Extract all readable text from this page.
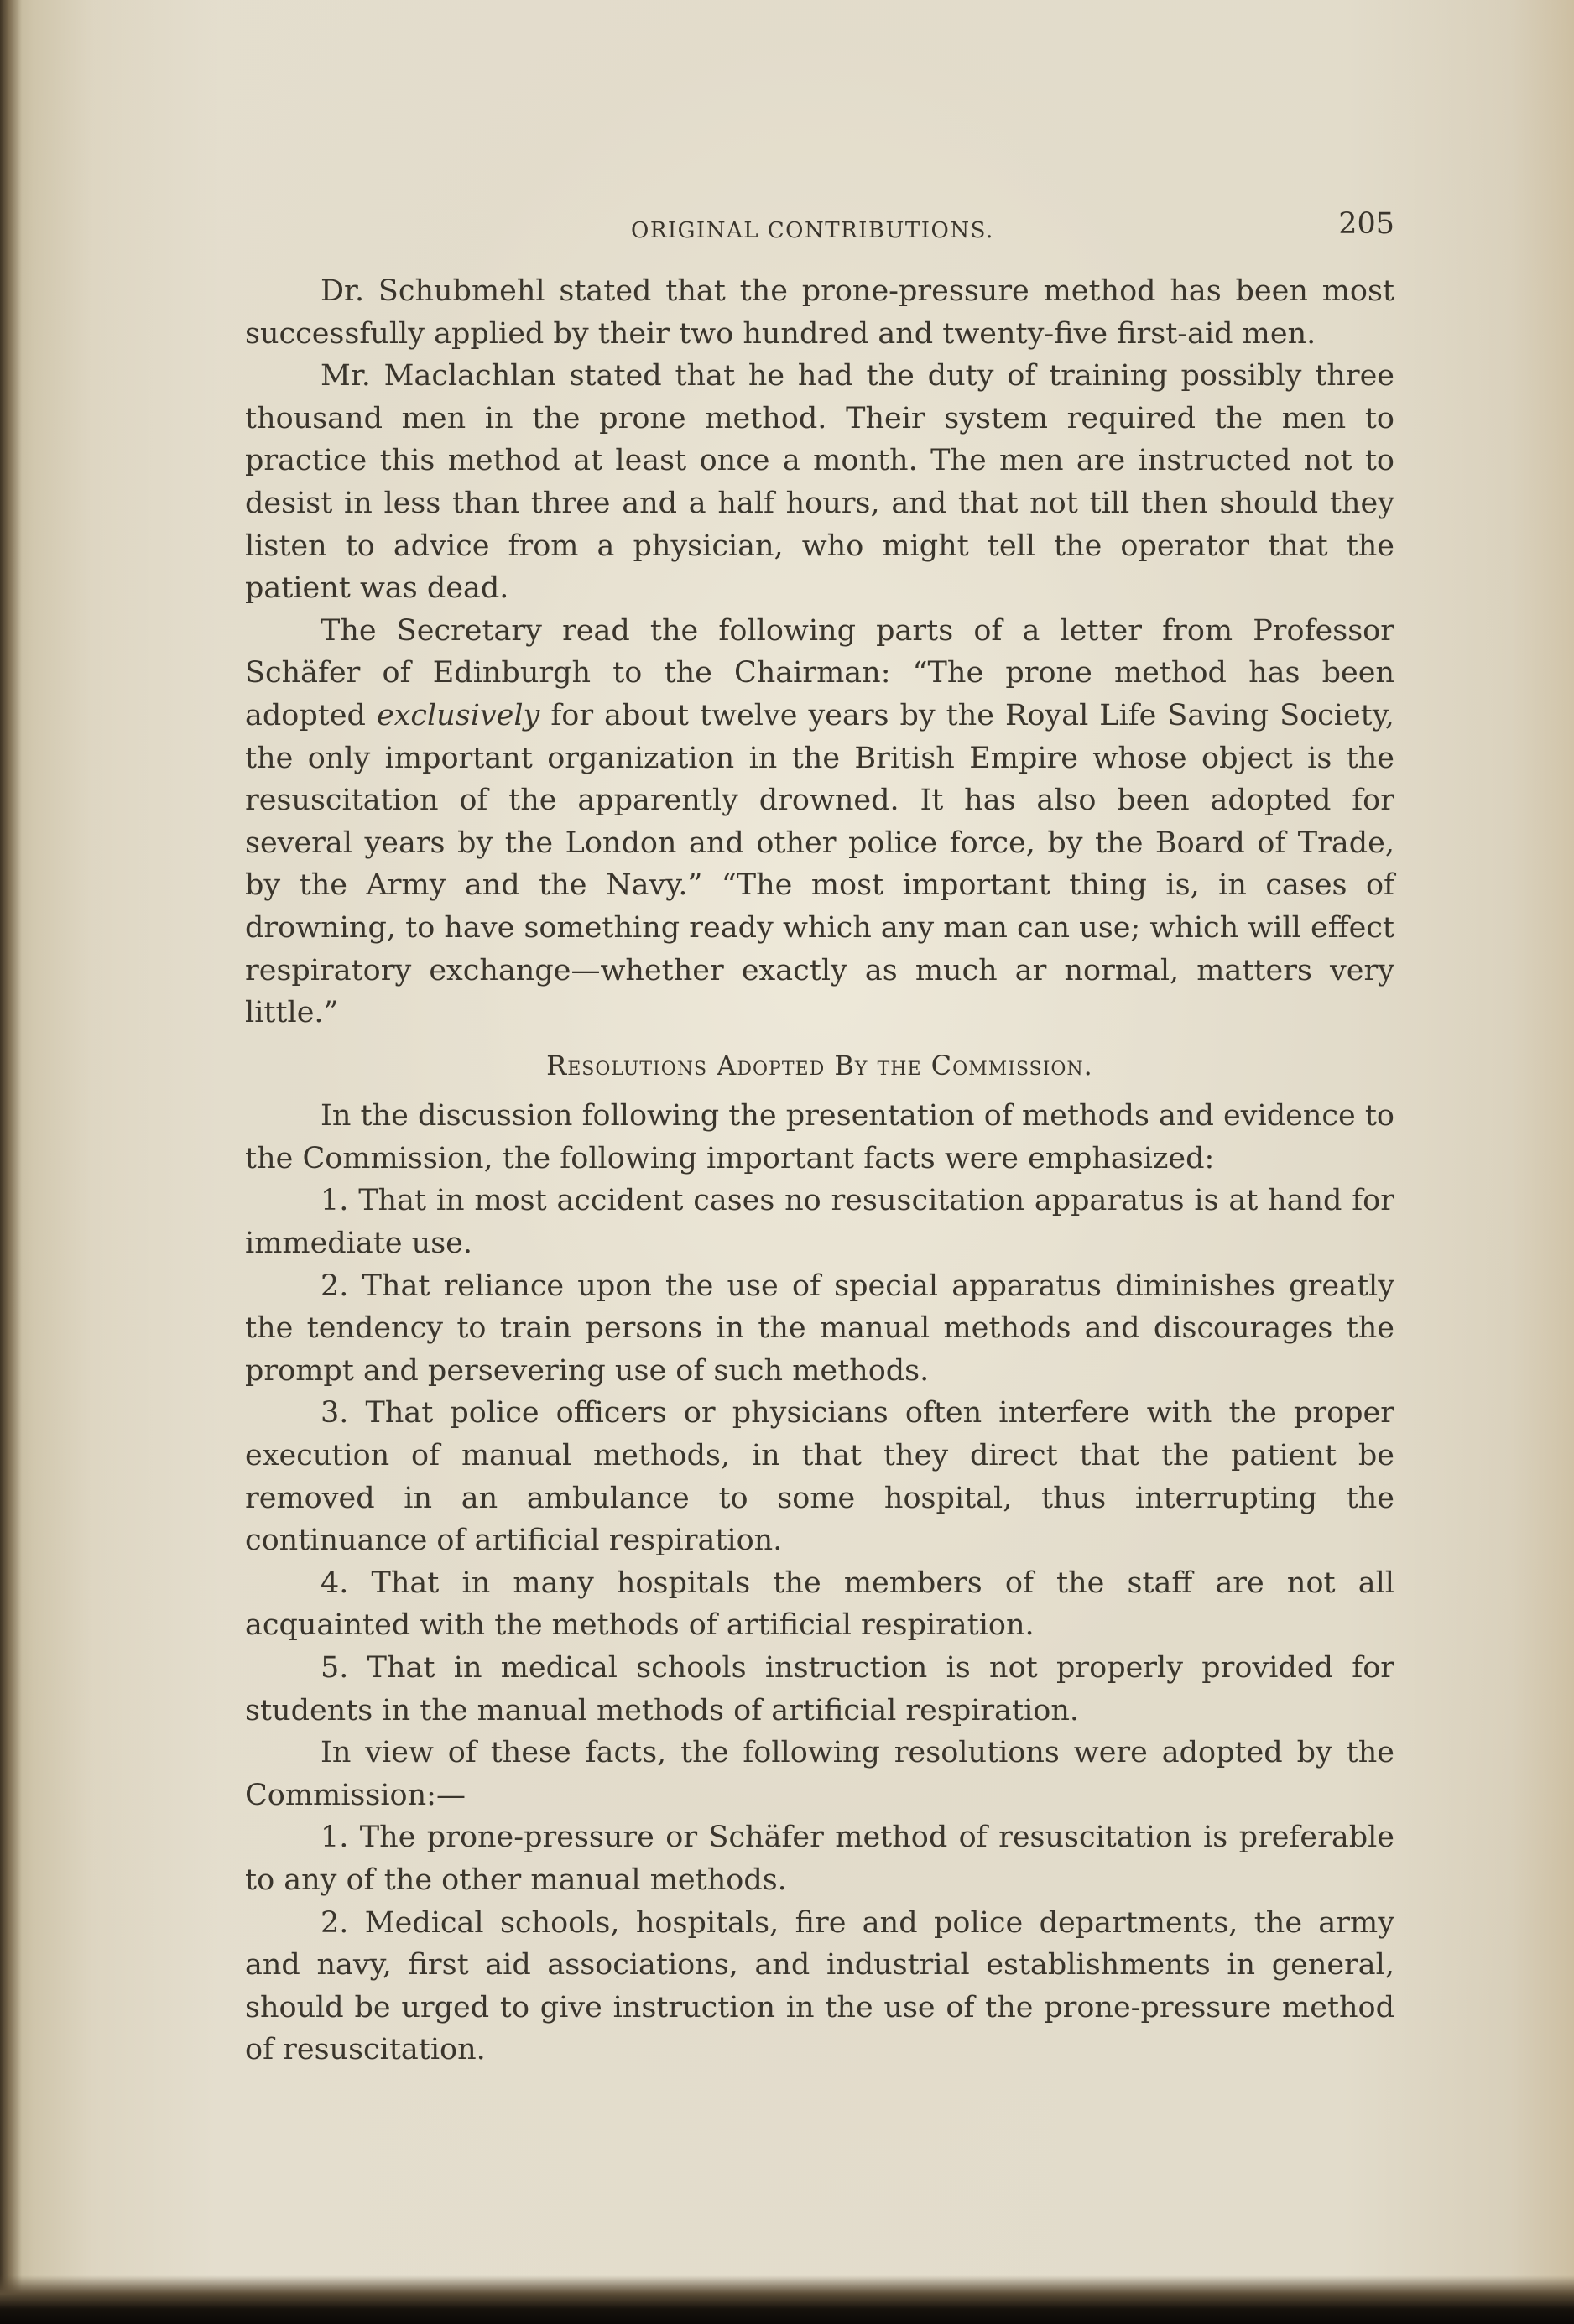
ORIGINAL CONTRIBUTIONS.	205

Dr. Schubmehl stated that the prone-pressure method has been most successfully applied by their two hundred and twenty-five first-aid men.

Mr. Maclachlan stated that he had the duty of training possibly three thousand men in the prone method. Their system required the men to practice this method at least once a month. The men are instructed not to desist in less than three and a half hours, and that not till then should they listen to advice from a physician, who might tell the operator that the patient was dead.

The Secretary read the following parts of a letter from Professor Schäfer of Edinburgh to the Chairman: “The prone method has been adopted exclusively for about twelve years by the Royal Life Saving Society, the only important organization in the British Empire whose object is the resuscitation of the apparently drowned. It has also been adopted for several years by the London and other police force, by the Board of Trade, by the Army and the Navy.” “The most important thing is, in cases of drowning, to have something ready which any man can use; which will effect respiratory exchange—whether exactly as much ar normal, matters very little.”

Resolutions Adopted By the Commission.

In the discussion following the presentation of methods and evidence to the Commission, the following important facts were emphasized:

1. That in most accident cases no resuscitation apparatus is at hand for immediate use.

2. That reliance upon the use of special apparatus diminishes greatly the tendency to train persons in the manual methods and discourages the prompt and persevering use of such methods.

3. That police officers or physicians often interfere with the proper execution of manual methods, in that they direct that the patient be removed in an ambulance to some hospital, thus interrupting the continuance of artificial respiration.

4. That in many hospitals the members of the staff are not all acquainted with the methods of artificial respiration.

5. That in medical schools instruction is not properly provided for students in the manual methods of artificial respiration.

In view of these facts, the following resolutions were adopted by the Commission:—

1. The prone-pressure or Schäfer method of resuscitation is preferable to any of the other manual methods.

2. Medical schools, hospitals, fire and police departments, the army and navy, first aid associations, and industrial establishments in general, should be urged to give instruction in the use of the prone-pressure method of resuscitation.
